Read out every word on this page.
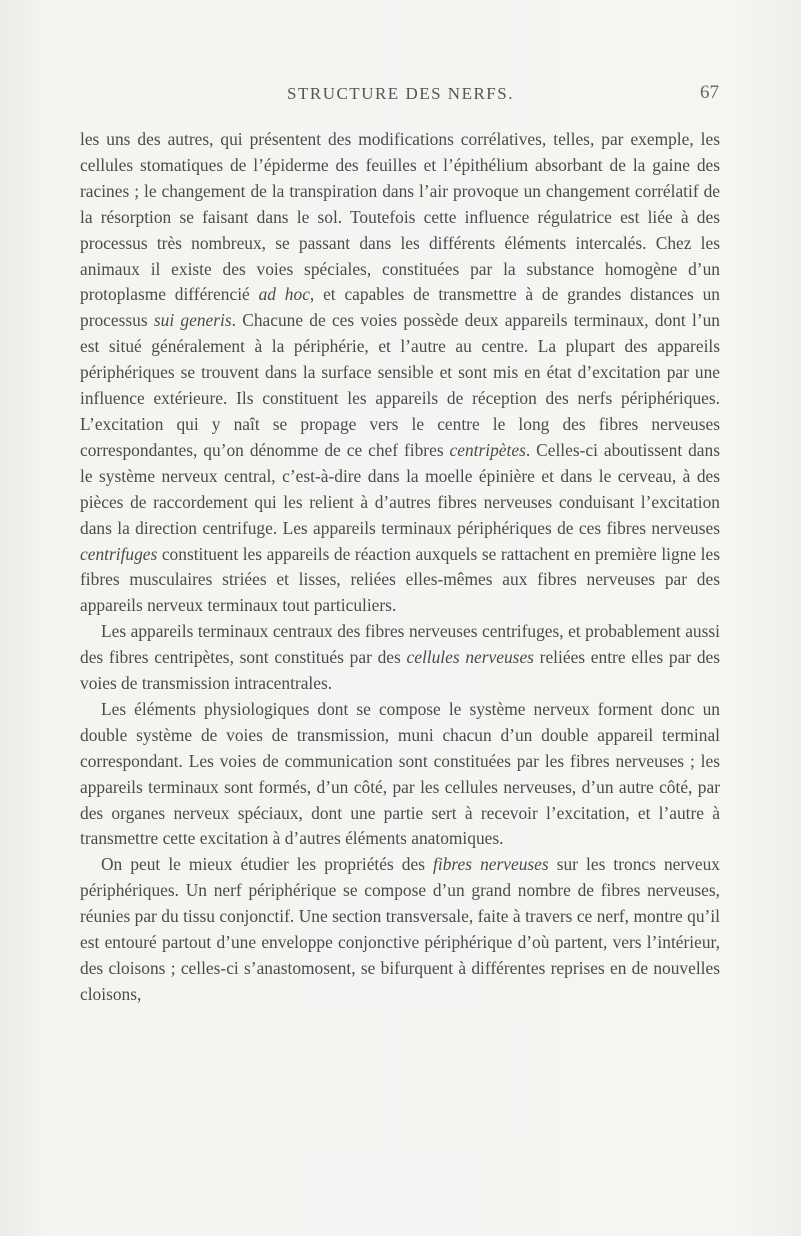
STRUCTURE DES NERFS.	67

les uns des autres, qui présentent des modifications corrélatives, telles, par exemple, les cellules stomatiques de l’épiderme des feuilles et l’épithélium absorbant de la gaine des racines ; le changement de la transpiration dans l’air provoque un changement corrélatif de la résorption se faisant dans le sol. Toutefois cette influence régulatrice est liée à des processus très nombreux, se passant dans les différents éléments intercalés. Chez les animaux il existe des voies spéciales, constituées par la substance homogène d’un protoplasme différencié ad hoc, et capables de transmettre à de grandes distances un processus sui generis. Chacune de ces voies possède deux appareils terminaux, dont l’un est situé généralement à la périphérie, et l’autre au centre. La plupart des appareils périphériques se trouvent dans la surface sensible et sont mis en état d’excitation par une influence extérieure. Ils constituent les appareils de réception des nerfs périphériques. L’excitation qui y naît se propage vers le centre le long des fibres nerveuses correspondantes, qu’on dénomme de ce chef fibres centripètes. Celles-ci aboutissent dans le système nerveux central, c’est-à-dire dans la moelle épinière et dans le cerveau, à des pièces de raccordement qui les relient à d’autres fibres nerveuses conduisant l’excitation dans la direction centrifuge. Les appareils terminaux périphériques de ces fibres nerveuses centrifuges constituent les appareils de réaction auxquels se rattachent en première ligne les fibres musculaires striées et lisses, reliées elles-mêmes aux fibres nerveuses par des appareils nerveux terminaux tout particuliers.

Les appareils terminaux centraux des fibres nerveuses centrifuges, et probablement aussi des fibres centripètes, sont constitués par des cellules nerveuses reliées entre elles par des voies de transmission intracentrales.

Les éléments physiologiques dont se compose le système nerveux forment donc un double système de voies de transmission, muni chacun d’un double appareil terminal correspondant. Les voies de communication sont constituées par les fibres nerveuses ; les appareils terminaux sont formés, d’un côté, par les cellules nerveuses, d’un autre côté, par des organes nerveux spéciaux, dont une partie sert à recevoir l’excitation, et l’autre à transmettre cette excitation à d’autres éléments anatomiques.

On peut le mieux étudier les propriétés des fibres nerveuses sur les troncs nerveux périphériques. Un nerf périphérique se compose d’un grand nombre de fibres nerveuses, réunies par du tissu conjonctif. Une section transversale, faite à travers ce nerf, montre qu’il est entouré partout d’une enveloppe conjonctive périphérique d’où partent, vers l’intérieur, des cloisons ; celles-ci s’anastomosent, se bifurquent à différentes reprises en de nouvelles cloisons,
